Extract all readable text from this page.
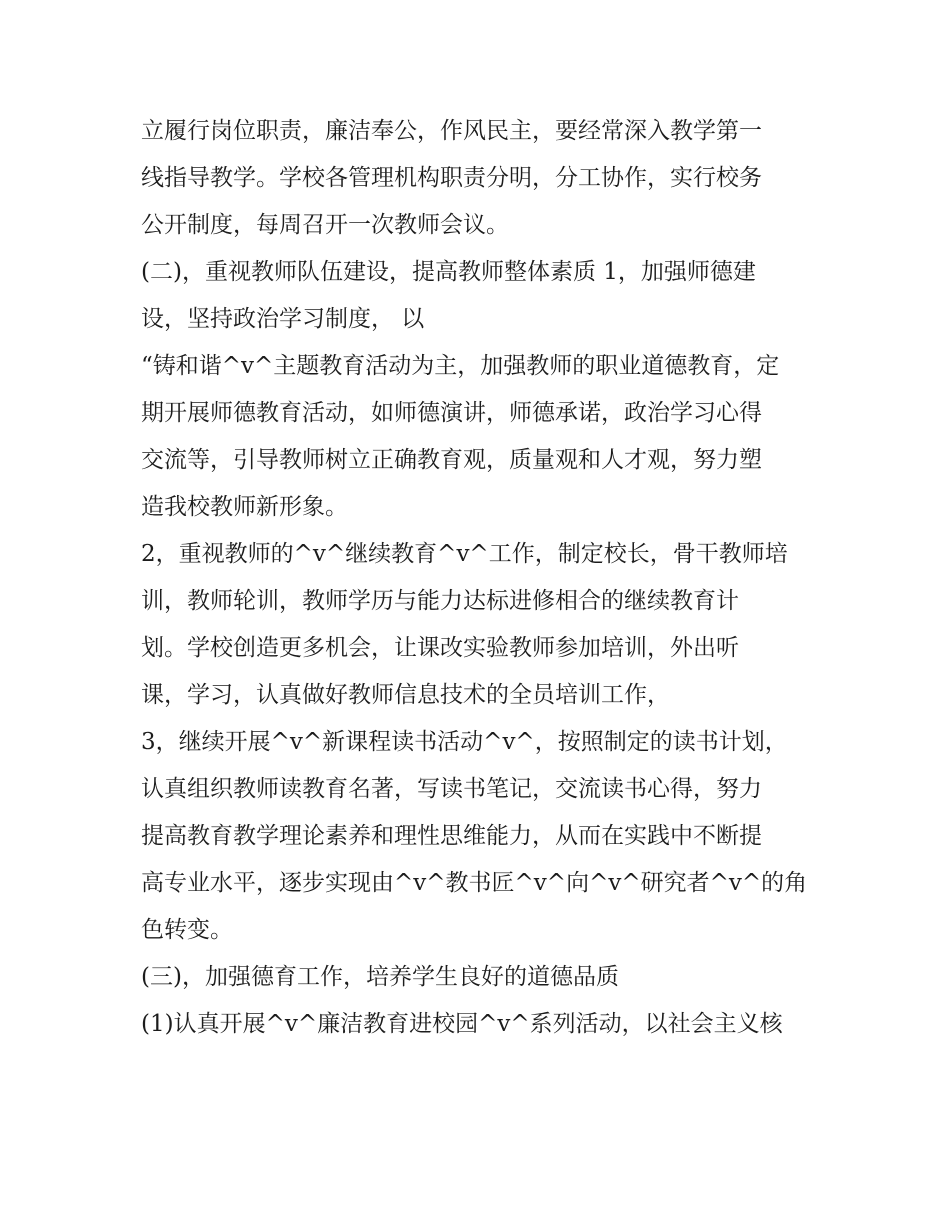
立履行岗位职责，廉洁奉公，作风民主，要经常深入教学第一
线指导教学。学校各管理机构职责分明，分工协作，实行校务
公开制度，每周召开一次教师会议。
(二)，重视教师队伍建设，提高教师整体素质 1，加强师德建
设，坚持政治学习制度， 以
“铸和谐^v^主题教育活动为主，加强教师的职业道德教育，定
期开展师德教育活动，如师德演讲，师德承诺，政治学习心得
交流等，引导教师树立正确教育观，质量观和人才观，努力塑
造我校教师新形象。
2，重视教师的^v^继续教育^v^工作，制定校长，骨干教师培
训，教师轮训，教师学历与能力达标进修相合的继续教育计
划。学校创造更多机会，让课改实验教师参加培训，外出听
课，学习，认真做好教师信息技术的全员培训工作，
3，继续开展^v^新课程读书活动^v^，按照制定的读书计划，
认真组织教师读教育名著，写读书笔记，交流读书心得，努力
提高教育教学理论素养和理性思维能力，从而在实践中不断提
高专业水平，逐步实现由^v^教书匠^v^向^v^研究者^v^的角
色转变。
(三)，加强德育工作，培养学生良好的道德品质
(1)认真开展^v^廉洁教育进校园^v^系列活动，以社会主义核
